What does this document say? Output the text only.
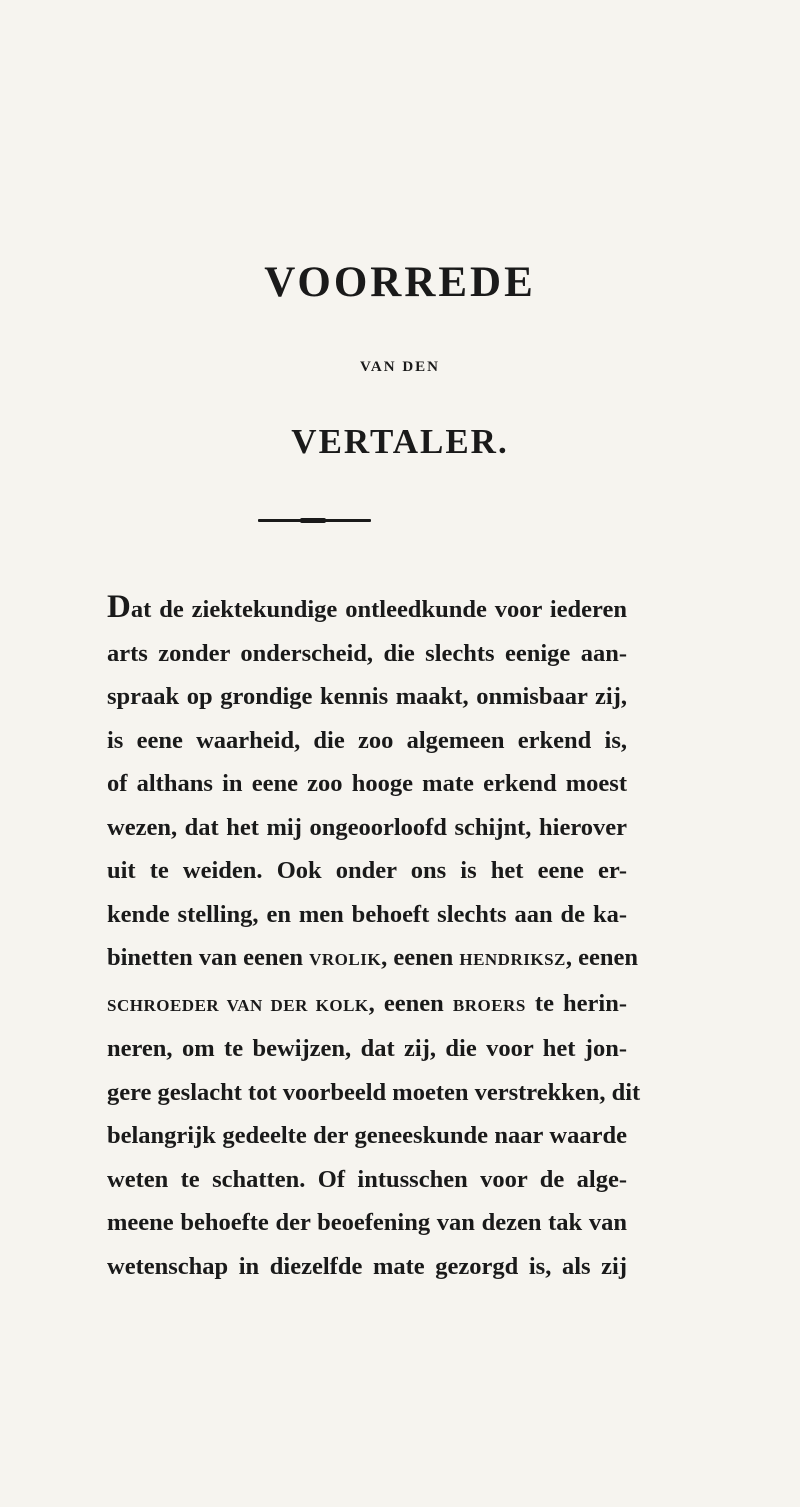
VOORREDE
VAN DEN
VERTALER.
Dat de ziektekundige ontleedkunde voor iederen
arts zonder onderscheid, die slechts eenige aan-
spraak op grondige kennis maakt, onmisbaar zij,
is eene waarheid, die zoo algemeen erkend is,
of althans in eene zoo hooge mate erkend moest
wezen, dat het mij ongeoorloofd schijnt, hierover
uit te weiden. Ook onder ons is het eene er-
kende stelling, en men behoeft slechts aan de ka-
binetten van eenen VROLIK, eenen HENDRIKSZ, eenen
SCHROEDER VAN DER KOLK, eenen BROERS te herin-
neren, om te bewijzen, dat zij, die voor het jon-
gere geslacht tot voorbeeld moeten verstrekken, dit
belangrijk gedeelte der geneeskunde naar waarde
weten te schatten. Of intusschen voor de alge-
meene behoefte der beoefening van dezen tak van
wetenschap in diezelfde mate gezorgd is, als zij
